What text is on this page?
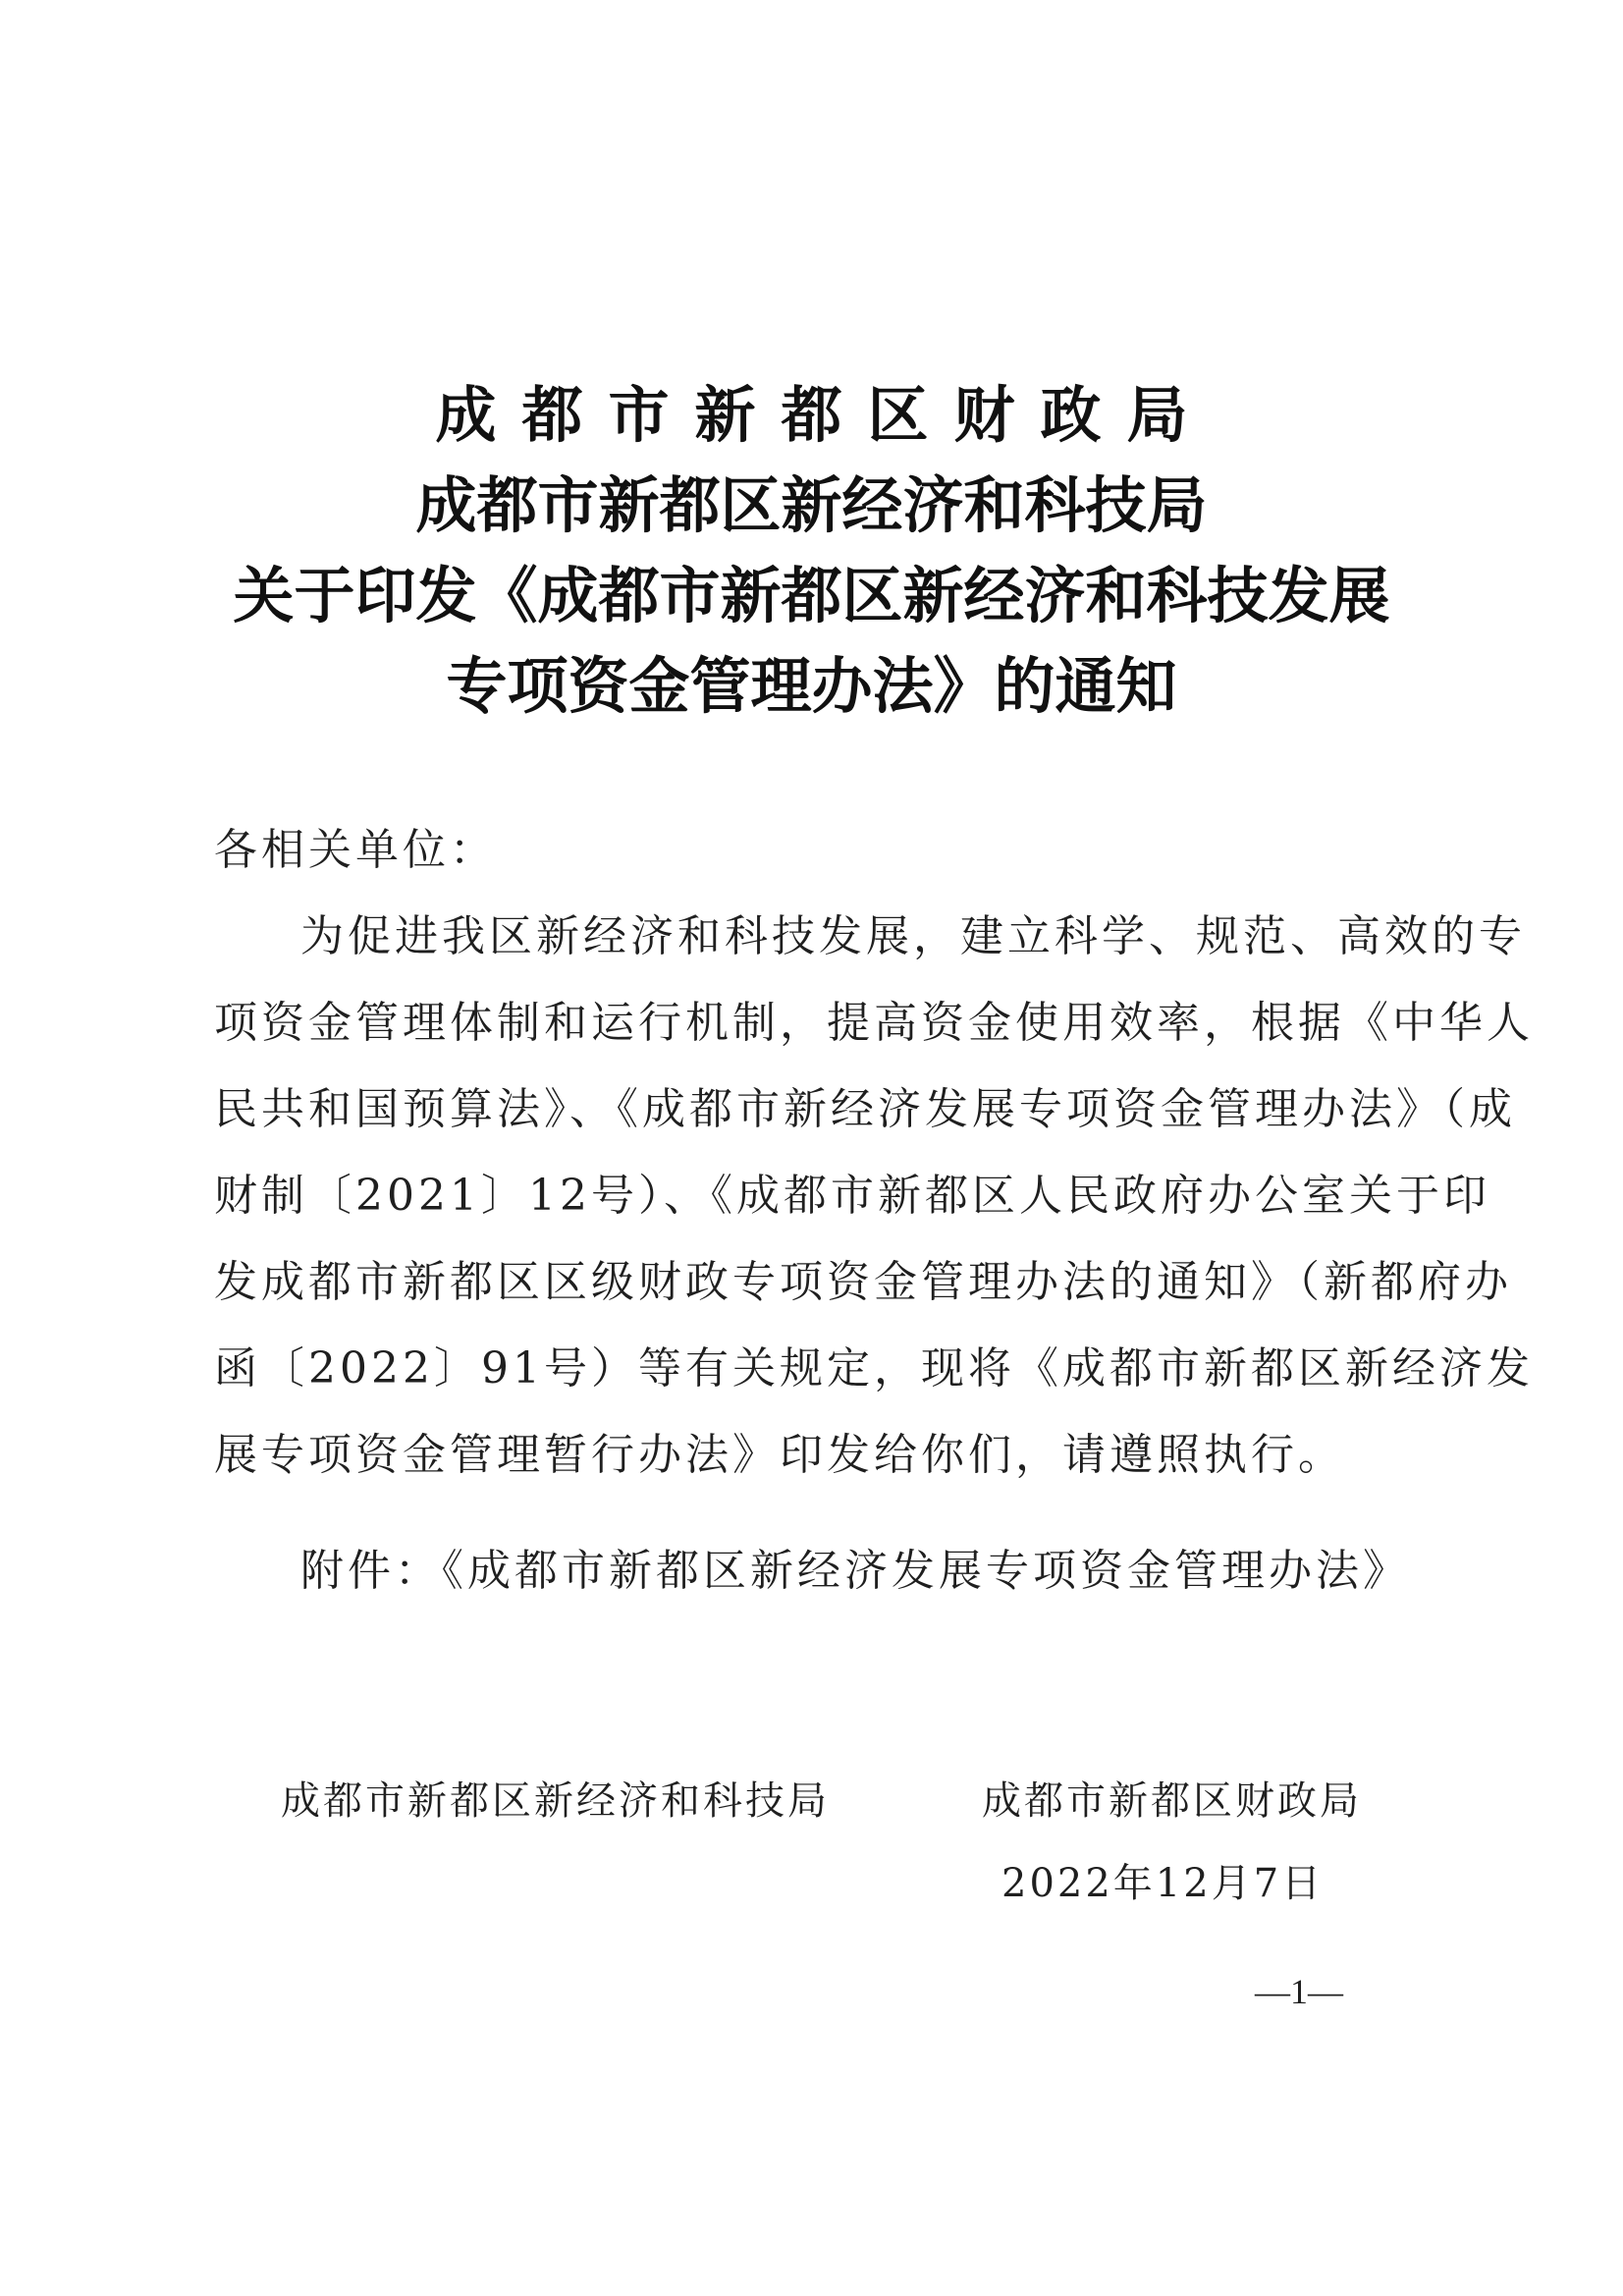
成都市新都区财政局
成都市新都区新经济和科技局
关于印发《成都市新都区新经济和科技发展
专项资金管理办法》的通知
各相关单位：
为促进我区新经济和科技发展，建立科学、规范、高效的专
项资金管理体制和运行机制，提高资金使用效率，根据《中华人
民共和国预算法》、《成都市新经济发展专项资金管理办法》（成
财制〔2021〕12号）、《成都市新都区人民政府办公室关于印
发成都市新都区区级财政专项资金管理办法的通知》（新都府办
函〔2022〕91号）等有关规定，现将《成都市新都区新经济发
展专项资金管理暂行办法》印发给你们，请遵照执行。
附件：《成都市新都区新经济发展专项资金管理办法》
成都市新都区新经济和科技局	成都市新都区财政局
2022年12月7日
—1—
